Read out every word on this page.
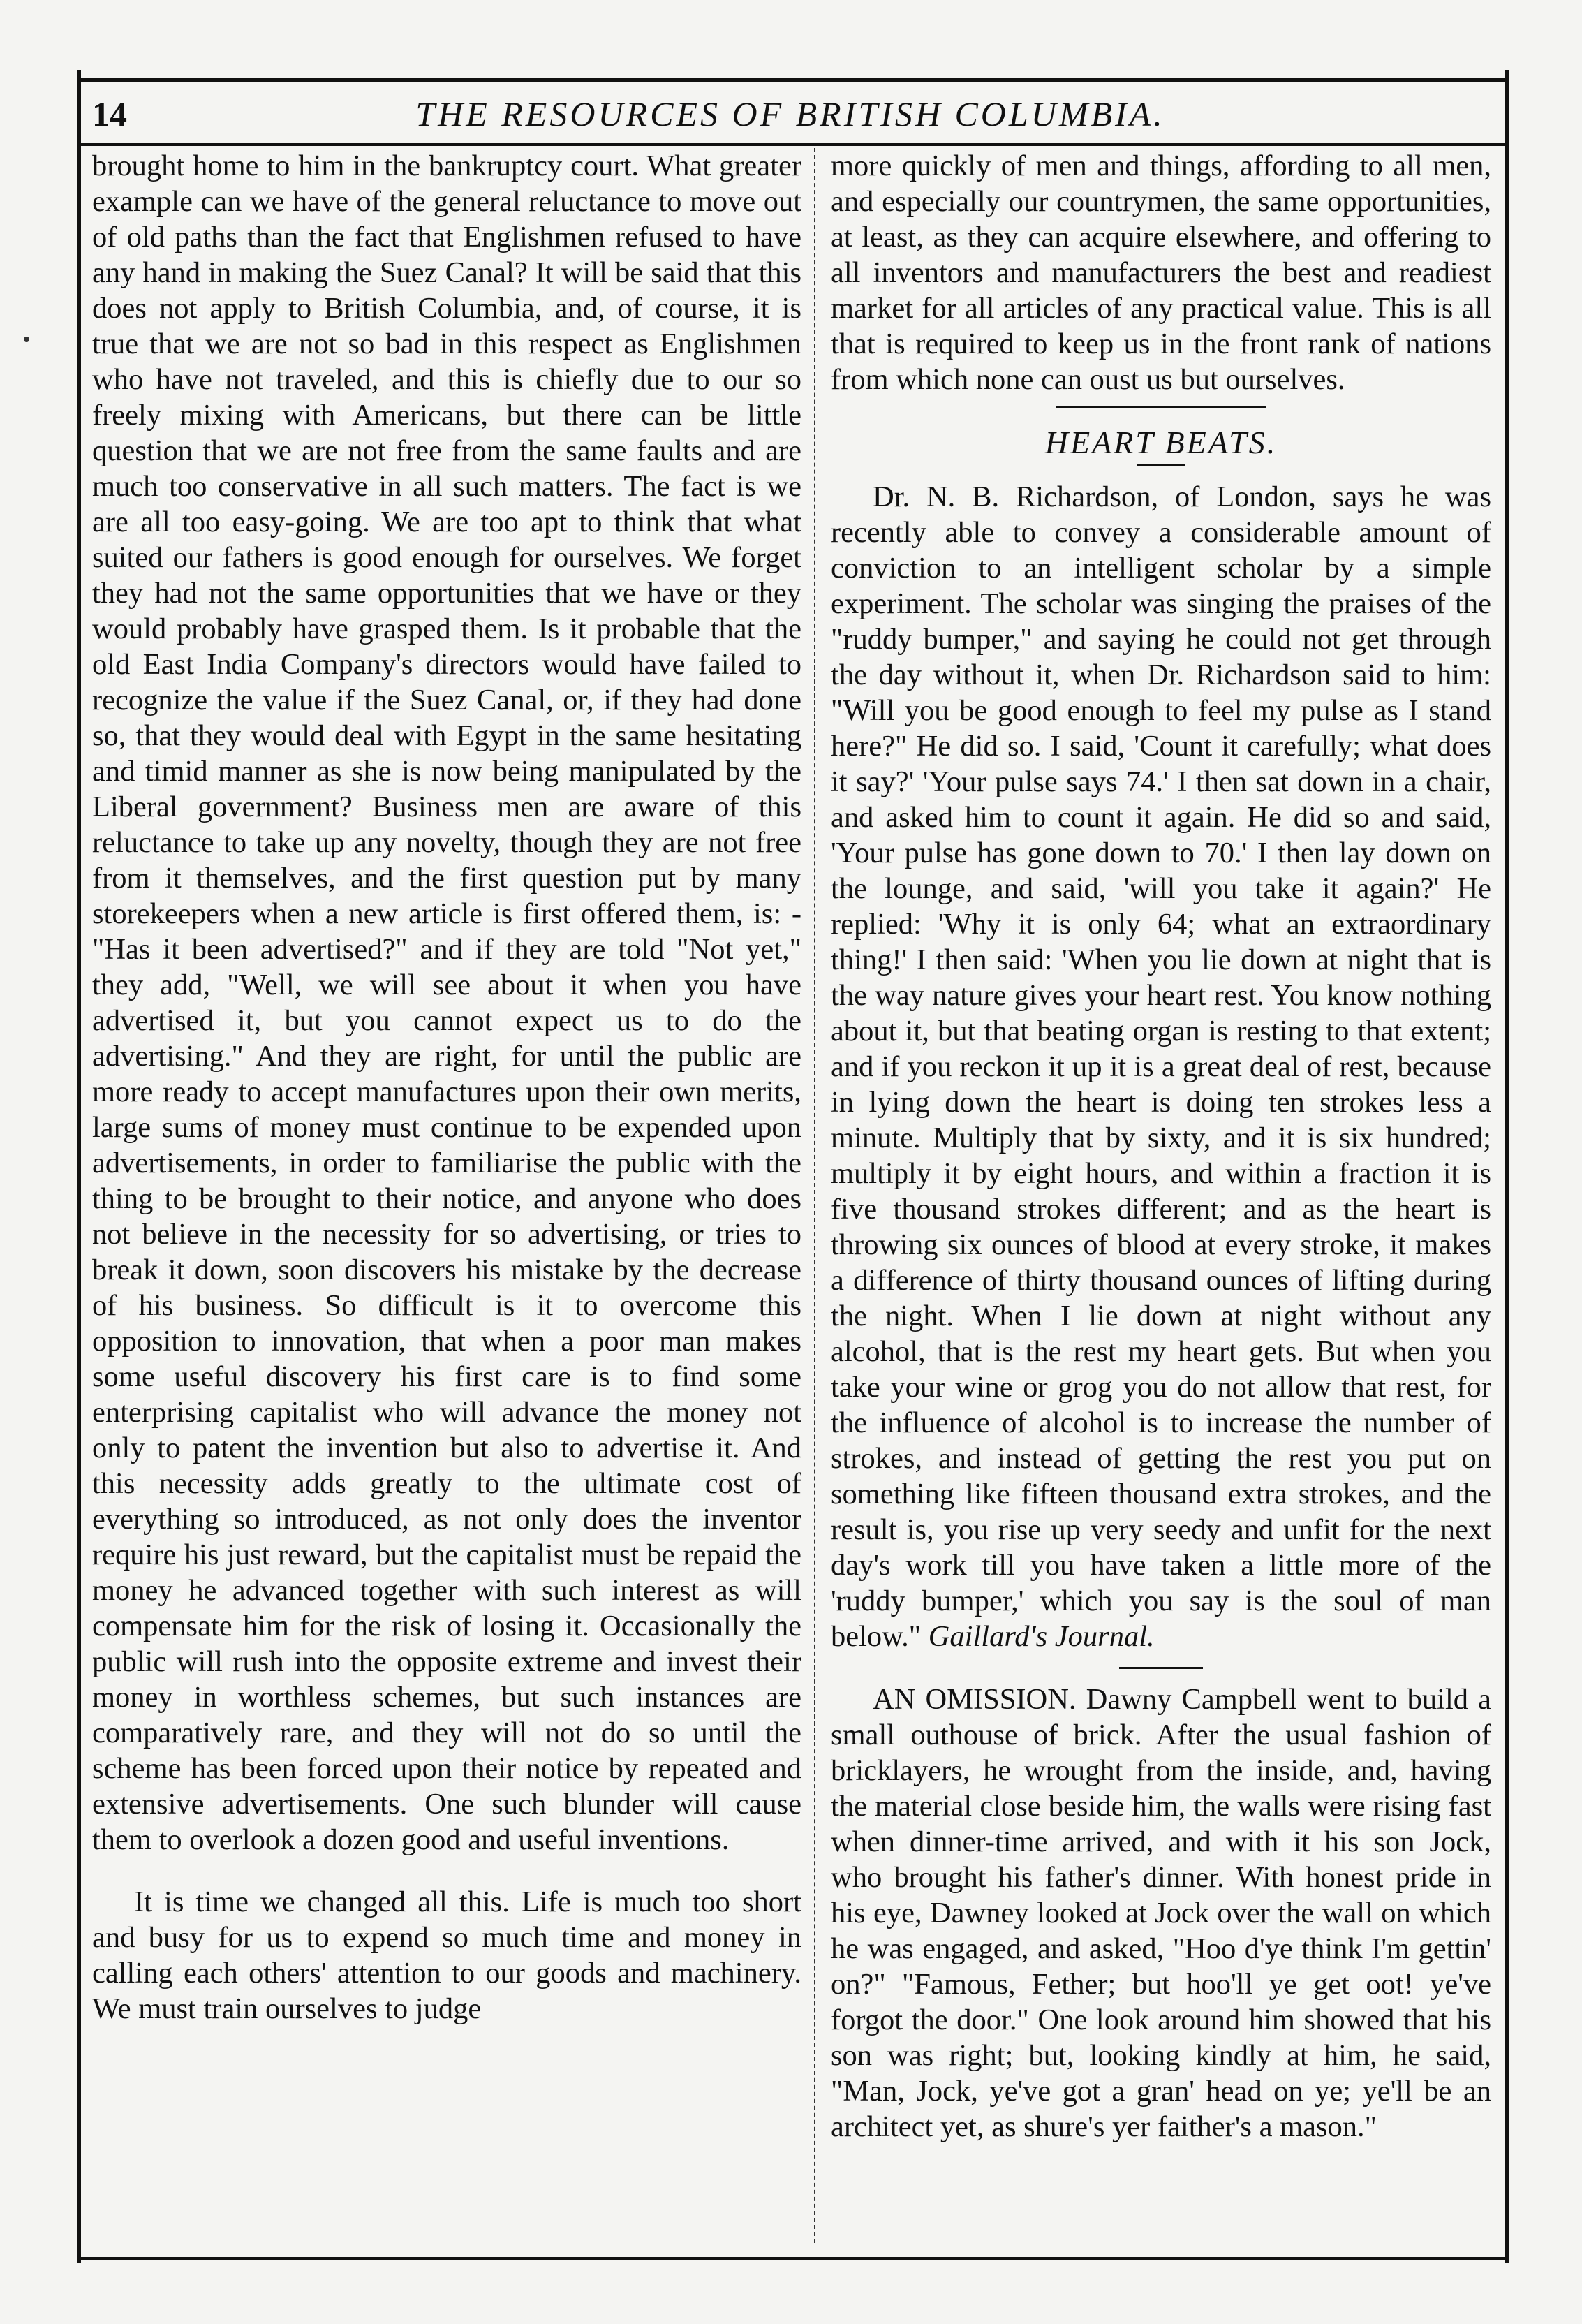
14	THE RESOURCES OF BRITISH COLUMBIA.

brought home to him in the bankruptcy court. What greater example can we have of the general reluctance to move out of old paths than the fact that Englishmen refused to have any hand in making the Suez Canal? It will be said that this does not apply to British Columbia, and, of course, it is true that we are not so bad in this respect as Englishmen who have not traveled, and this is chiefly due to our so freely mixing with Americans, but there can be little question that we are not free from the same faults and are much too conservative in all such matters. The fact is we are all too easy-going. We are too apt to think that what suited our fathers is good enough for ourselves. We forget they had not the same opportunities that we have or they would probably have grasped them. Is it probable that the old East India Company's directors would have failed to recognize the value if the Suez Canal, or, if they had done so, that they would deal with Egypt in the same hesitating and timid manner as she is now being manipulated by the Liberal government? Business men are aware of this reluctance to take up any novelty, though they are not free from it themselves, and the first question put by many storekeepers when a new article is first offered them, is: - "Has it been advertised?" and if they are told "Not yet," they add, "Well, we will see about it when you have advertised it, but you cannot expect us to do the advertising." And they are right, for until the public are more ready to accept manufactures upon their own merits, large sums of money must continue to be expended upon advertisements, in order to familiarise the public with the thing to be brought to their notice, and anyone who does not believe in the necessity for so advertising, or tries to break it down, soon discovers his mistake by the decrease of his business. So difficult is it to overcome this opposition to innovation, that when a poor man makes some useful discovery his first care is to find some enterprising capitalist who will advance the money not only to patent the invention but also to advertise it. And this necessity adds greatly to the ultimate cost of everything so introduced, as not only does the inventor require his just reward, but the capitalist must be repaid the money he advanced together with such interest as will compensate him for the risk of losing it. Occasionally the public will rush into the opposite extreme and invest their money in worthless schemes, but such instances are comparatively rare, and they will not do so until the scheme has been forced upon their notice by repeated and extensive advertisements. One such blunder will cause them to overlook a dozen good and useful inventions.

It is time we changed all this. Life is much too short and busy for us to expend so much time and money in calling each others' attention to our goods and machinery. We must train ourselves to judge

more quickly of men and things, affording to all men, and especially our countrymen, the same opportunities, at least, as they can acquire elsewhere, and offering to all inventors and manufacturers the best and readiest market for all articles of any practical value. This is all that is required to keep us in the front rank of nations from which none can oust us but ourselves.

HEART BEATS.

Dr. N. B. Richardson, of London, says he was recently able to convey a considerable amount of conviction to an intelligent scholar by a simple experiment. The scholar was singing the praises of the "ruddy bumper," and saying he could not get through the day without it, when Dr. Richardson said to him: "Will you be good enough to feel my pulse as I stand here?" He did so. I said, 'Count it carefully; what does it say?' 'Your pulse says 74.' I then sat down in a chair, and asked him to count it again. He did so and said, 'Your pulse has gone down to 70.' I then lay down on the lounge, and said, 'will you take it again?' He replied: 'Why it is only 64; what an extraordinary thing!' I then said: 'When you lie down at night that is the way nature gives your heart rest. You know nothing about it, but that beating organ is resting to that extent; and if you reckon it up it is a great deal of rest, because in lying down the heart is doing ten strokes less a minute. Multiply that by sixty, and it is six hundred; multiply it by eight hours, and within a fraction it is five thousand strokes different; and as the heart is throwing six ounces of blood at every stroke, it makes a difference of thirty thousand ounces of lifting during the night. When I lie down at night without any alcohol, that is the rest my heart gets. But when you take your wine or grog you do not allow that rest, for the influence of alcohol is to increase the number of strokes, and instead of getting the rest you put on something like fifteen thousand extra strokes, and the result is, you rise up very seedy and unfit for the next day's work till you have taken a little more of the 'ruddy bumper,' which you say is the soul of man below." Gaillard's Journal.

AN OMISSION. Dawny Campbell went to build a small outhouse of brick. After the usual fashion of bricklayers, he wrought from the inside, and, having the material close beside him, the walls were rising fast when dinner-time arrived, and with it his son Jock, who brought his father's dinner. With honest pride in his eye, Dawney looked at Jock over the wall on which he was engaged, and asked, "Hoo d'ye think I'm gettin' on?" "Famous, Fether; but hoo'll ye get oot! ye've forgot the door." One look around him showed that his son was right; but, looking kindly at him, he said, "Man, Jock, ye've got a gran' head on ye; ye'll be an architect yet, as shure's yer faither's a mason."
